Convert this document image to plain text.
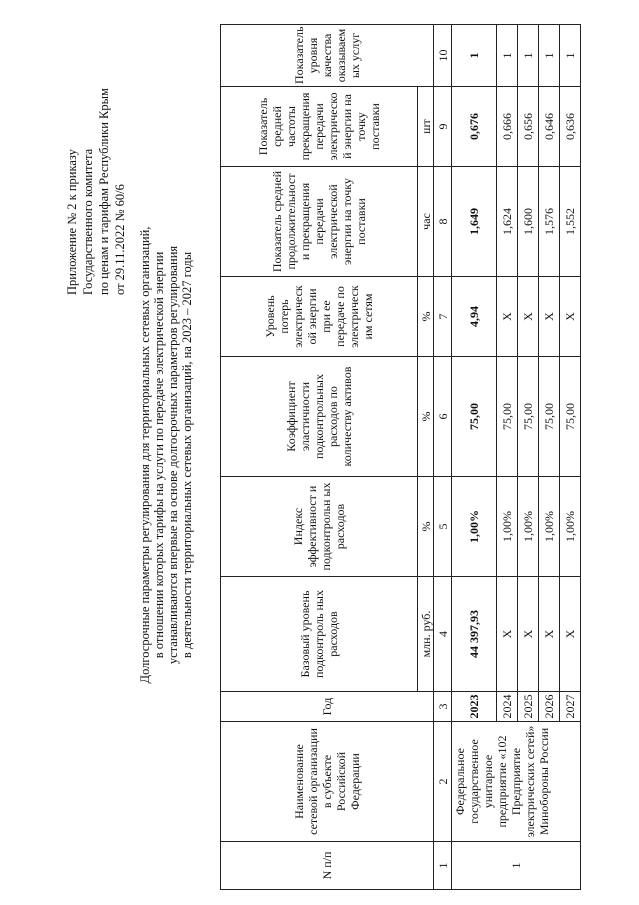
Приложение № 2 к приказу Государственного комитета по ценам и тарифам Республики Крым от 29.11.2022 № 60/6 Долгосрочные параметры регулирования для территориальных сетевых организаций, в отношении которых тарифы на услуги по передаче электрической энергии устанавливаются впервые на основе долгосрочных параметров регулирования в деятельности территориальных сетевых организаций, на 2023 – 2027 годы
N п/п	Наименование сетевой организации в субъекте Российской Федерации	Год	Базовый уровень подконтроль ных расходов	Индекс эффективност и подконтрольн ых расходов	Коэффициент эластичности подконтрольных расходов по количеству активов	Уровень потерь электрическ ой энергии при ее передаче по электрическ им сетям	Показатель средней продолжительност и прекращения передачи электрической энергии на точку поставки	Показатель средней частоты прекращения передачи электрическо й энергии на точку поставки	Показатель уровня качества оказываем ых услуг
			млн. руб.	%	%	%	час	шт	
1	2	3	4	5	6	7	8	9	10
1	Федеральное государственное унитарное предприятие «102 Предприятие электрических сетей» Минобороны России	2023	44 397,93	1,00%	75,00	4,94	1,649	0,676	1
		2024	X	1,00%	75,00	X	1,624	0,666	1
		2025	X	1,00%	75,00	X	1,600	0,656	1
		2026	X	1,00%	75,00	X	1,576	0,646	1
		2027	X	1,00%	75,00	X	1,552	0,636	1
